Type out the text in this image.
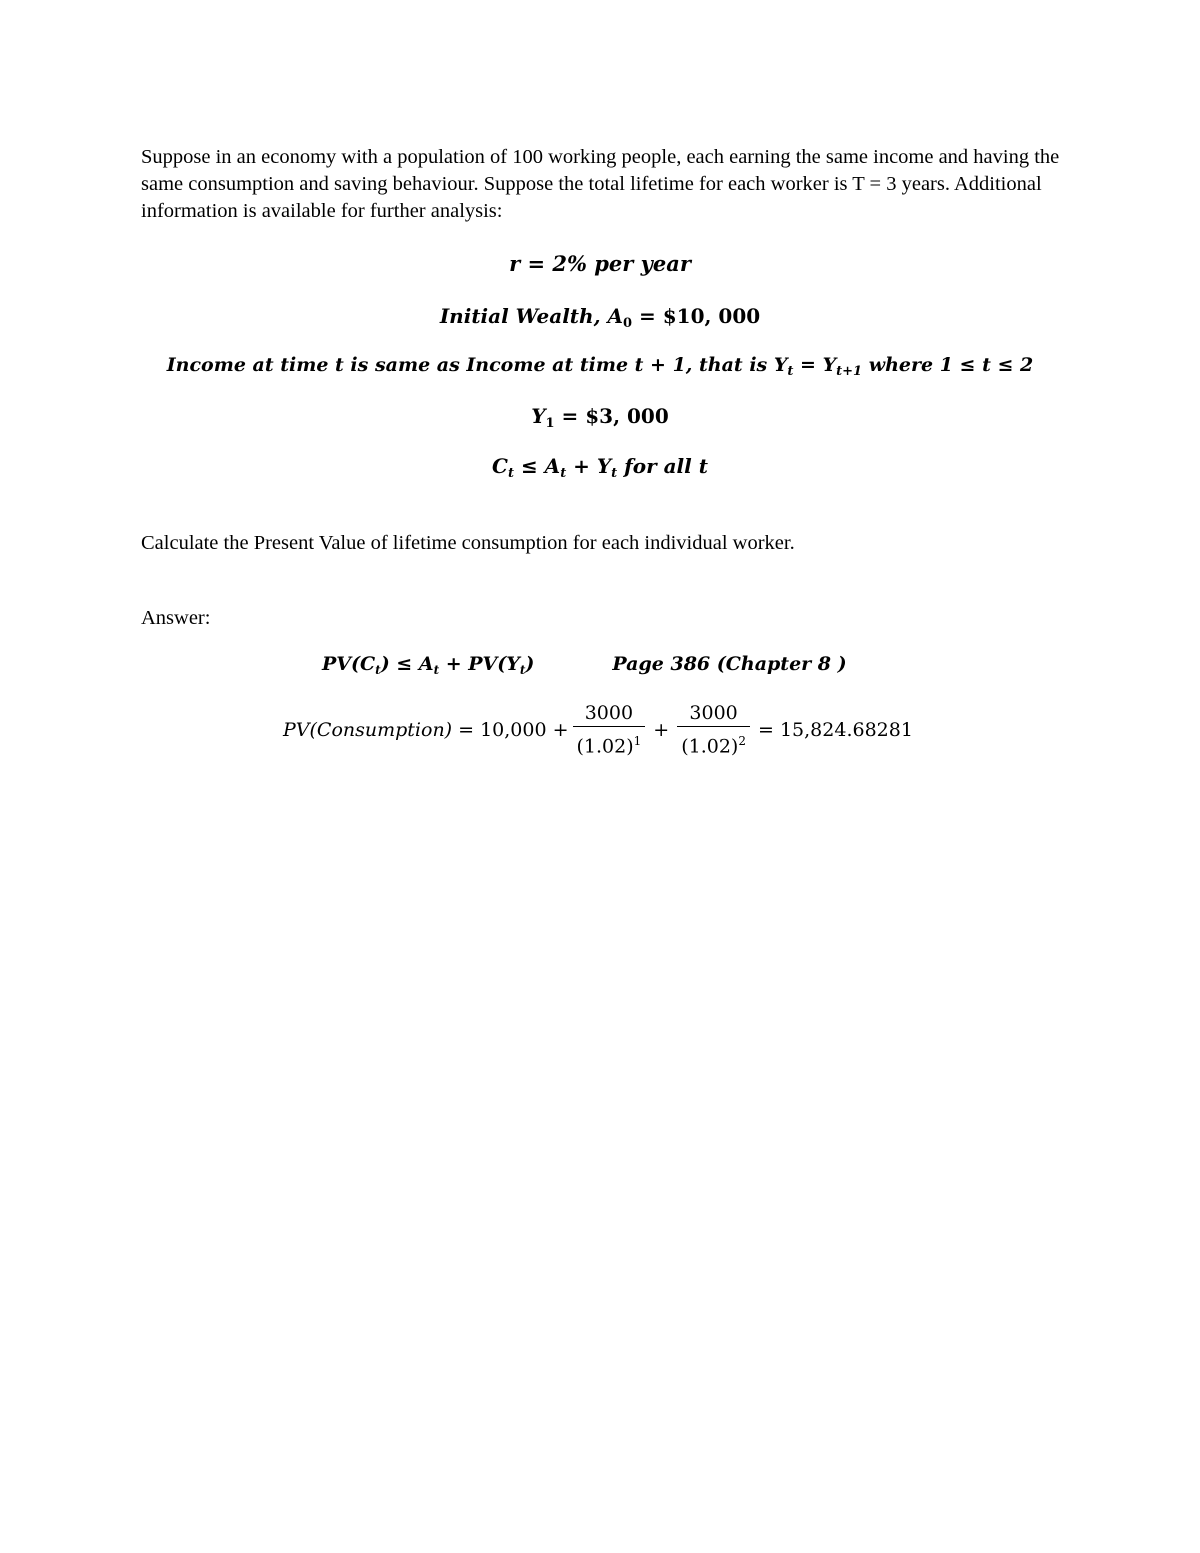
Suppose in an economy with a population of 100 working people, each earning the same income and having the same consumption and saving behaviour. Suppose the total lifetime for each worker is T = 3 years. Additional information is available for further analysis:

r = 2% per year
Initial Wealth, $A_0$ = $10, 000
Income at time t is same as Income at time t + 1, that is $Y_t = Y_{t+1}$ where 1 ≤ t ≤ 2
$Y_1$ = $3, 000
$C_t \le A_t + Y_t$ for all t

Calculate the Present Value of lifetime consumption for each individual worker.

Answer:

$PV(C_t) \le A_t + PV(Y_t)$	Page 386 (Chapter 8 )
PV(Consumption) = $10,000 + \frac{3000}{(1.02)^1} + \frac{3000}{(1.02)^2} = 15,824.68281$
